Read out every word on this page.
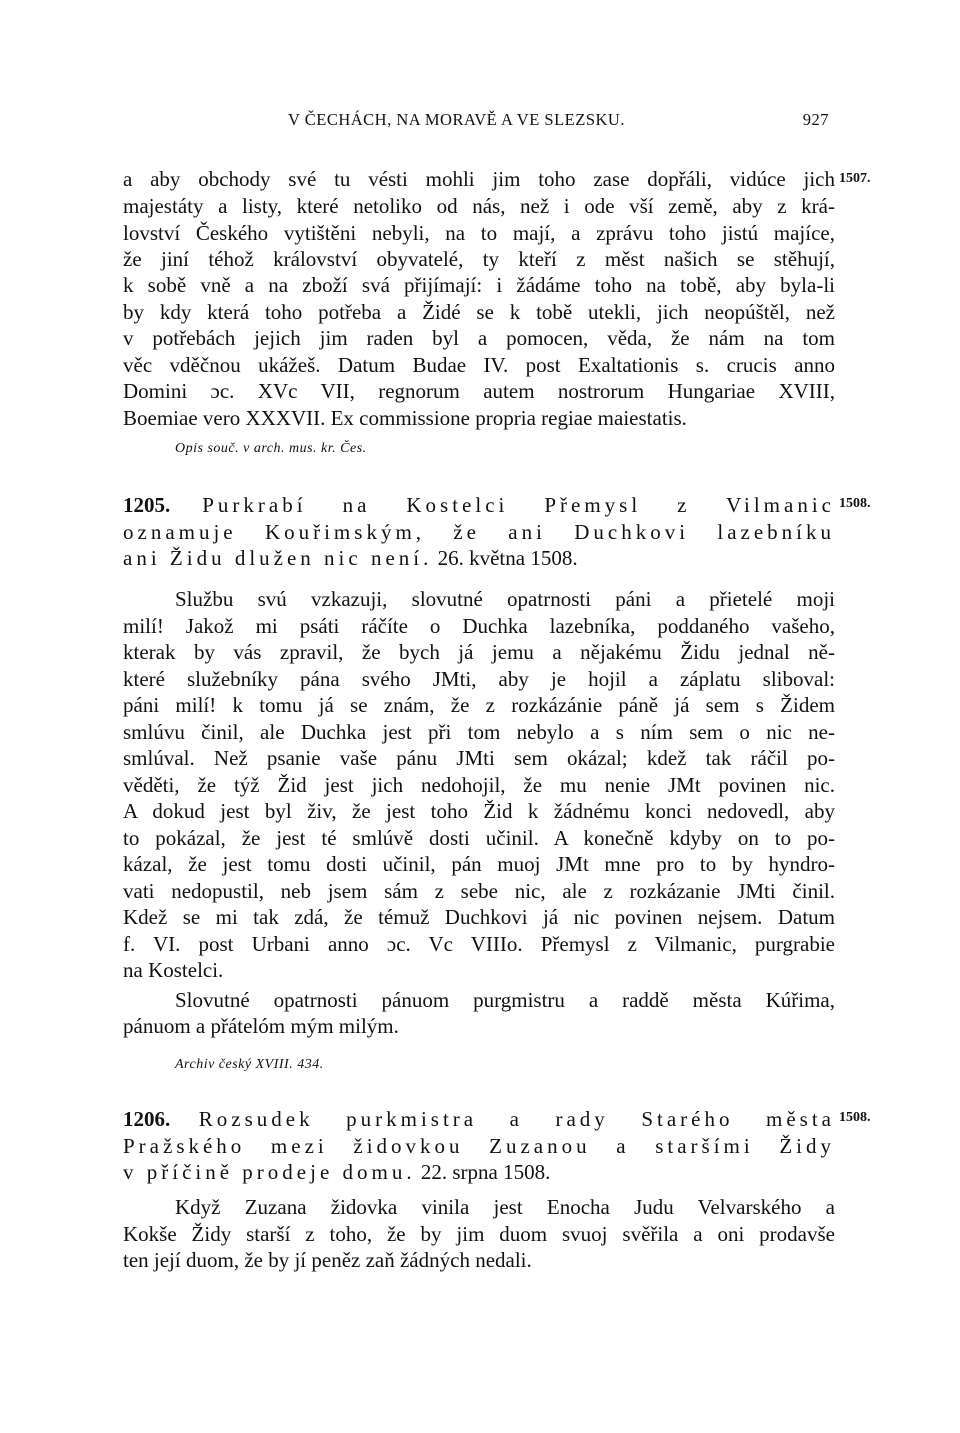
V ČECHÁCH, NA MORAVĚ A VE SLEZSKU.	927
a aby obchody své tu vésti mohli jim toho zase dopřáli, vidúce jich 1507.
majestáty a listy, které netoliko od nás, než i ode vší země, aby z krá-
lovství Českého vytištěni nebyli, na to mají, a zprávu toho jistú majíce,
že jiní téhož království obyvatelé, ty kteří z měst našich se stěhují,
k sobě vně a na zboží svá přijímají: i žádáme toho na tobě, aby byla-li
by kdy která toho potřeba a Židé se k tobě utekli, jich neopúštěl, než
v potřebách jejich jim raden byl a pomocen, věda, že nám na tom
věc vděčnou ukážeš. Datum Budae IV. post Exaltationis s. crucis anno
Domini ɔc. XVc VII, regnorum autem nostrorum Hungariae XVIII,
Boemiae vero XXXVII. Ex commissione propria regiae maiestatis.
Opis souč. v arch. mus. kr. Čes.
1205. Purkrabí na Kostelci Přemysl z Vilmanic 1508.
oznamuje Kouřimským, že ani Duchkovi lazebníku
ani Židu dlužen nic není. 26. května 1508.
Službu svú vzkazuji, slovutné opatrnosti páni a přietelé moji
milí! Jakož mi psáti ráčíte o Duchka lazebníka, poddaného vašeho,
kterak by vás zpravil, že bych já jemu a nějakému Židu jednal ně-
které služebníky pána svého JMti, aby je hojil a záplatu sliboval:
páni milí! k tomu já se znám, že z rozkázánie páně já sem s Židem
smlúvu činil, ale Duchka jest při tom nebylo a s ním sem o nic ne-
smlúval. Než psanie vaše pánu JMti sem okázal; kdež tak ráčil po-
věděti, že týž Žid jest jich nedohojil, že mu nenie JMt povinen nic.
A dokud jest byl živ, že jest toho Žid k žádnému konci nedovedl, aby
to pokázal, že jest té smlúvě dosti učinil. A konečně kdyby on to po-
kázal, že jest tomu dosti učinil, pán muoj JMt mne pro to by hyndro-
vati nedopustil, neb jsem sám z sebe nic, ale z rozkázanie JMti činil.
Kdež se mi tak zdá, že témuž Duchkovi já nic povinen nejsem. Datum
f. VI. post Urbani anno ɔc. Vc VIIIo. Přemysl z Vilmanic, purgrabie
na Kostelci.
Slovutné opatrnosti pánuom purgmistru a raddě města Kúřima,
pánuom a přátelóm mým milým.
Archiv český XVIII. 434.
1206. Rozsudek purkmistra a rady Starého města 1508.
Pražského mezi židovkou Zuzanou a staršími Židy
v příčině prodeje domu. 22. srpna 1508.
Když Zuzana židovka vinila jest Enocha Judu Velvarského a
Kokše Židy starší z toho, že by jim duom svuoj svěřila a oni prodavše
ten její duom, že by jí peněz zaň žádných nedali.
